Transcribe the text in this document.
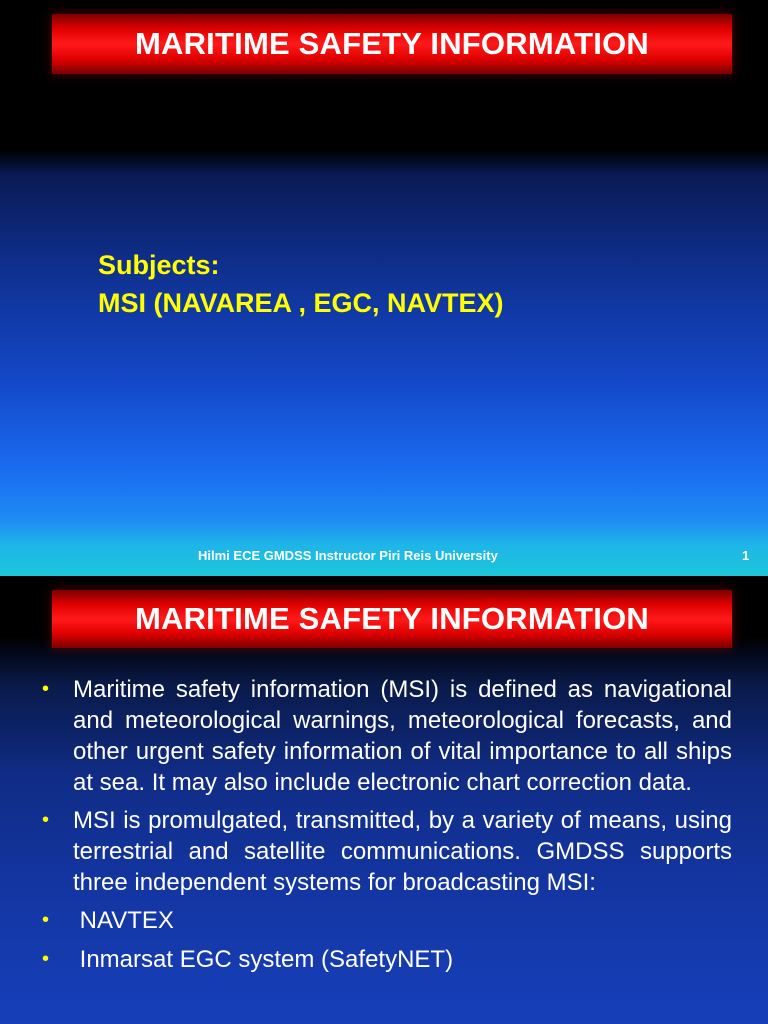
MARITIME SAFETY INFORMATION
Subjects:
MSI (NAVAREA , EGC, NAVTEX)
Hilmi ECE GMDSS Instructor Piri Reis University	1
MARITIME SAFETY INFORMATION
• Maritime safety information (MSI) is defined as navigational and meteorological warnings, meteorological forecasts, and other urgent safety information of vital importance to all ships at sea. It may also include electronic chart correction data.
• MSI is promulgated, transmitted, by a variety of means, using terrestrial and satellite communications. GMDSS supports three independent systems for broadcasting MSI:
• NAVTEX
• Inmarsat EGC system (SafetyNET)
